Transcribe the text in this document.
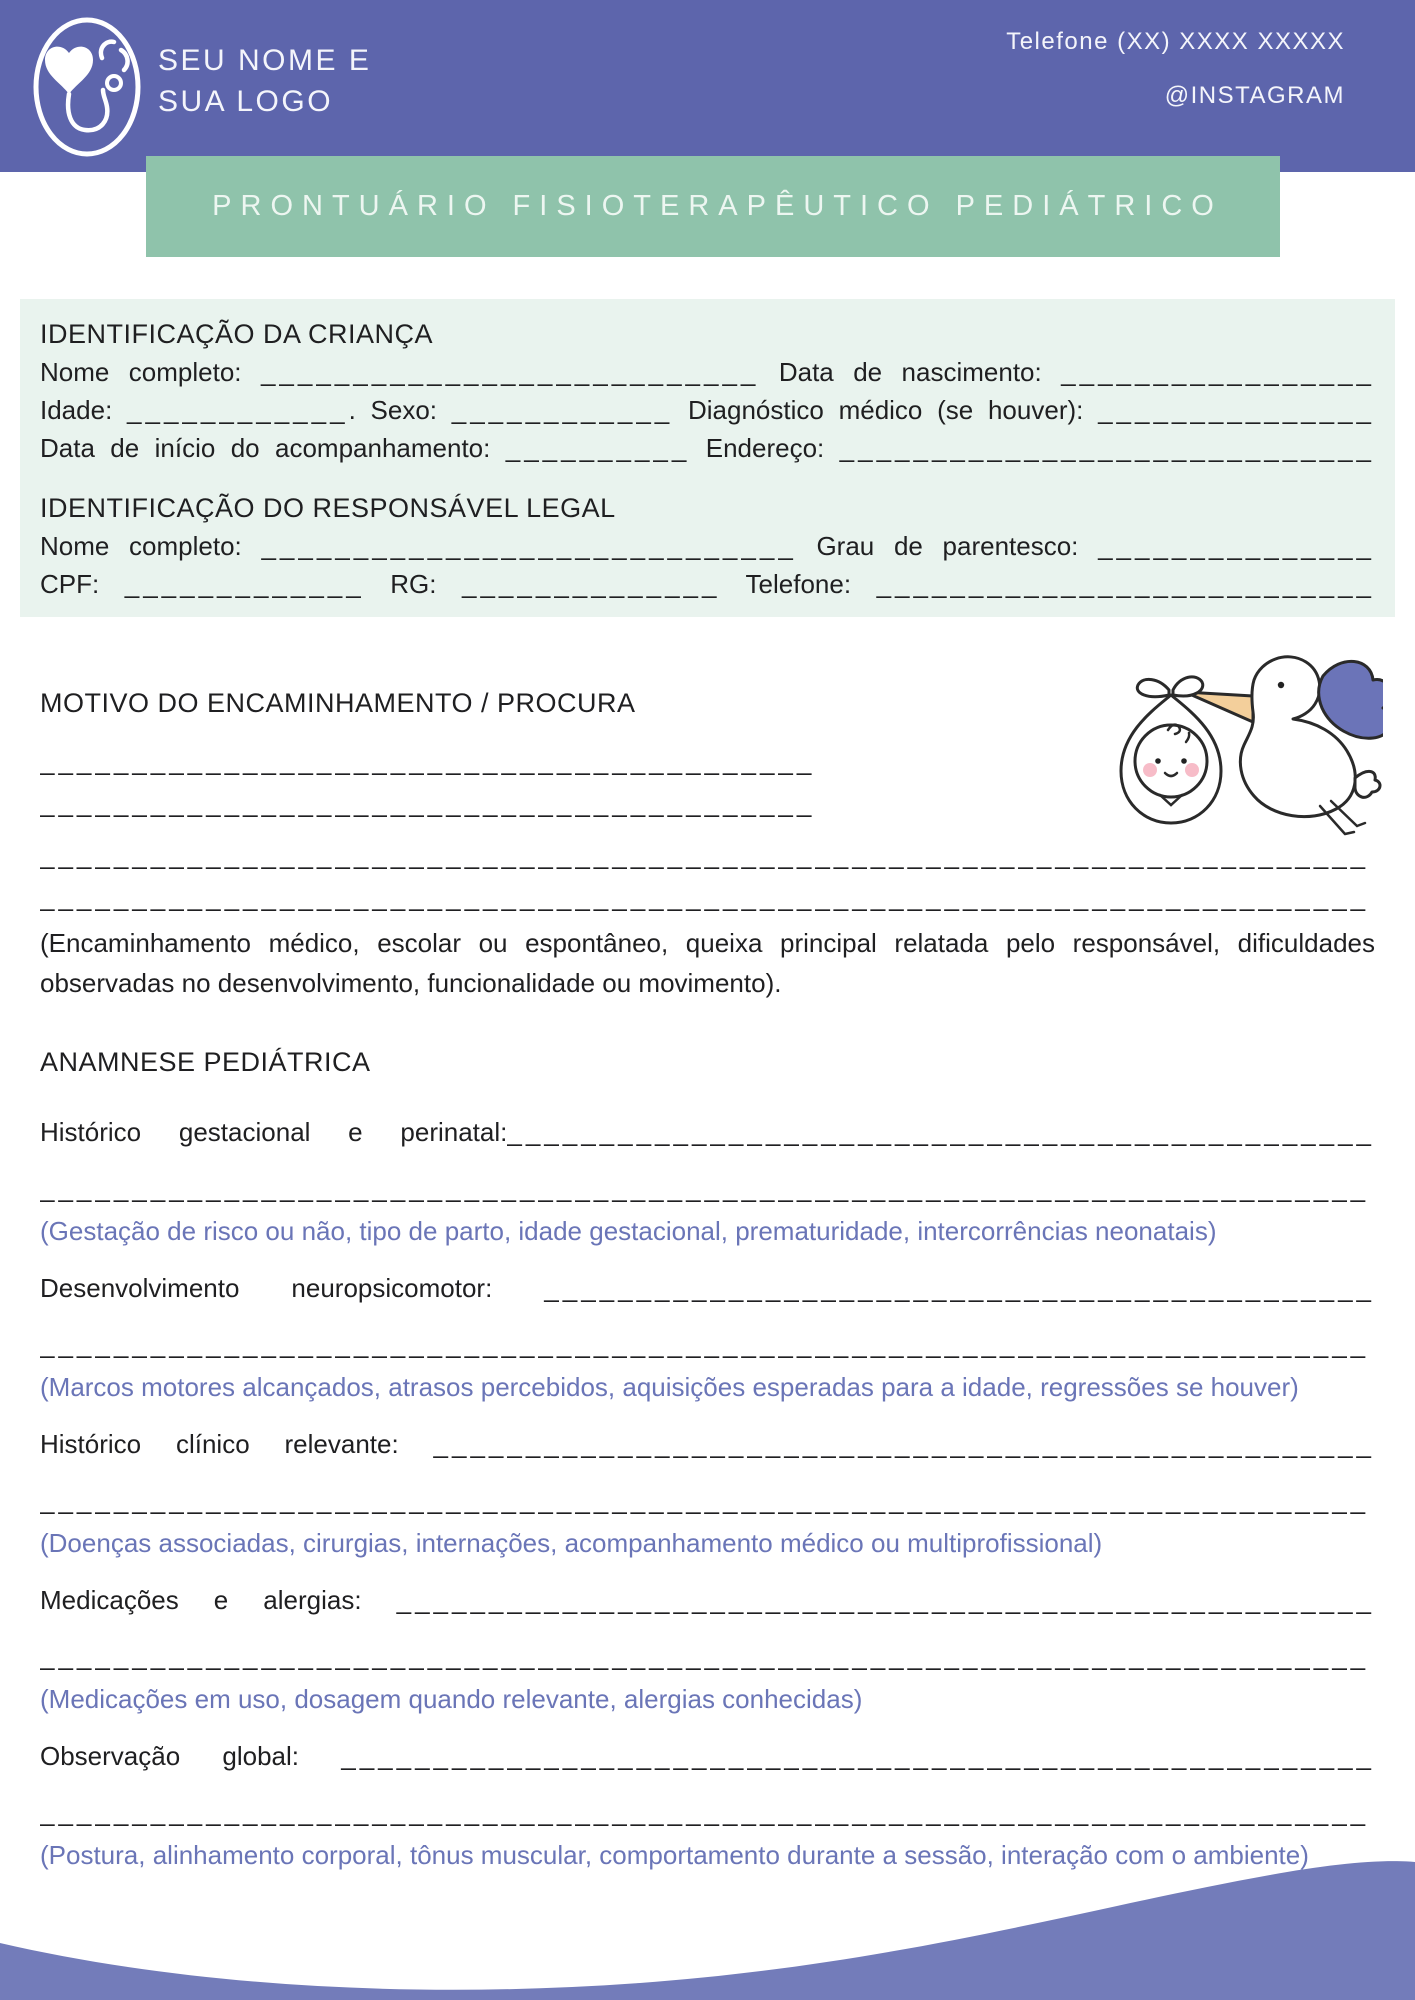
SEU NOME E
SUA LOGO
Telefone (XX) XXXX XXXXX
@INSTAGRAM
PRONTUÁRIO FISIOTERAPÊUTICO PEDIÁTRICO
IDENTIFICAÇÃO DA CRIANÇA
Nome completo: ___________________________ Data de nascimento: _________________
Idade: ____________. Sexo: ____________ Diagnóstico médico (se houver): _______________
Data de início do acompanhamento: __________ Endereço: _____________________________
IDENTIFICAÇÃO DO RESPONSÁVEL LEGAL
Nome completo: _____________________________ Grau de parentesco: _______________
CPF: _____________ RG: ______________ Telefone: ___________________________
MOTIVO DO ENCAMINHAMENTO / PROCURA
__________________________________________
__________________________________________
________________________________________________________________________
________________________________________________________________________

(Encaminhamento médico, escolar ou espontâneo, queixa principal relatada pelo responsável, dificuldades observadas no desenvolvimento, funcionalidade ou movimento).

ANAMNESE PEDIÁTRICA
Histórico gestacional e perinatal:_______________________________________________
________________________________________________________________________
(Gestação de risco ou não, tipo de parto, idade gestacional, prematuridade, intercorrências neonatais)
Desenvolvimento neuropsicomotor: _____________________________________________
________________________________________________________________________
(Marcos motores alcançados, atrasos percebidos, aquisições esperadas para a idade, regressões se houver)
Histórico clínico relevante: ___________________________________________________
________________________________________________________________________
(Doenças associadas, cirurgias, internações, acompanhamento médico ou multiprofissional)
Medicações e alergias: _____________________________________________________
________________________________________________________________________
(Medicações em uso, dosagem quando relevante, alergias conhecidas)
Observação global: ________________________________________________________
________________________________________________________________________
(Postura, alinhamento corporal, tônus muscular, comportamento durante a sessão, interação com o ambiente)
